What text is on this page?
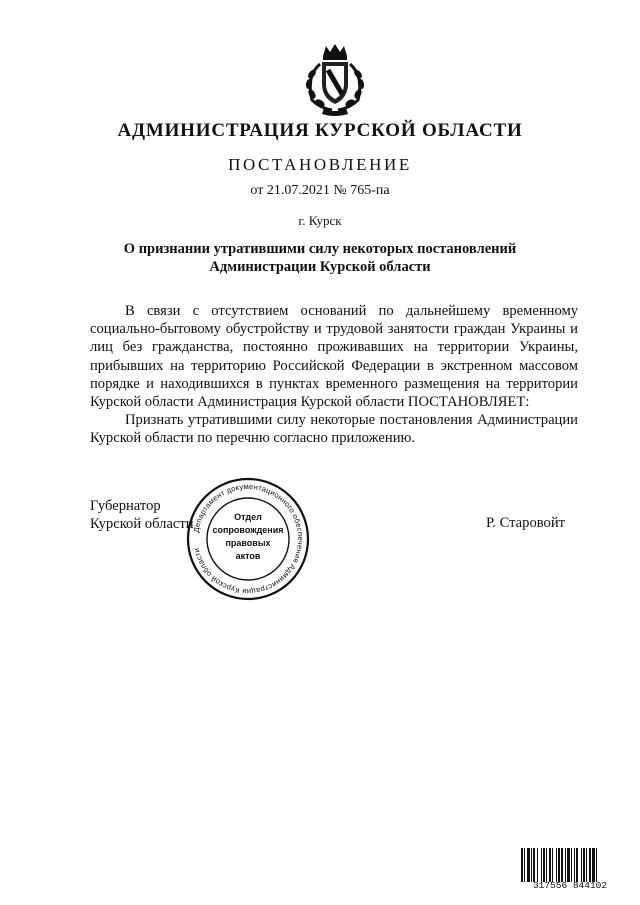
АДМИНИСТРАЦИЯ КУРСКОЙ ОБЛАСТИ
ПОСТАНОВЛЕНИЕ
от 21.07.2021 № 765-па
г. Курск
О признании утратившими силу некоторых постановлений
Администрации Курской области

В связи с отсутствием оснований по дальнейшему временному социально-бытовому обустройству и трудовой занятости граждан Украины и лиц без гражданства, постоянно проживавших на территории Украины, прибывших на территорию Российской Федерации в экстренном массовом порядке и находившихся в пунктах временного размещения на территории Курской области Администрация Курской области ПОСТАНОВЛЯЕТ:

Признать утратившими силу некоторые постановления Администрации Курской области по перечню согласно приложению.

Губернатор
Курской области	Р. Старовойт
Департамент документационного обеспечения Администрации Курской области
Отдел
сопровождения
правовых
актов
317556 844102
